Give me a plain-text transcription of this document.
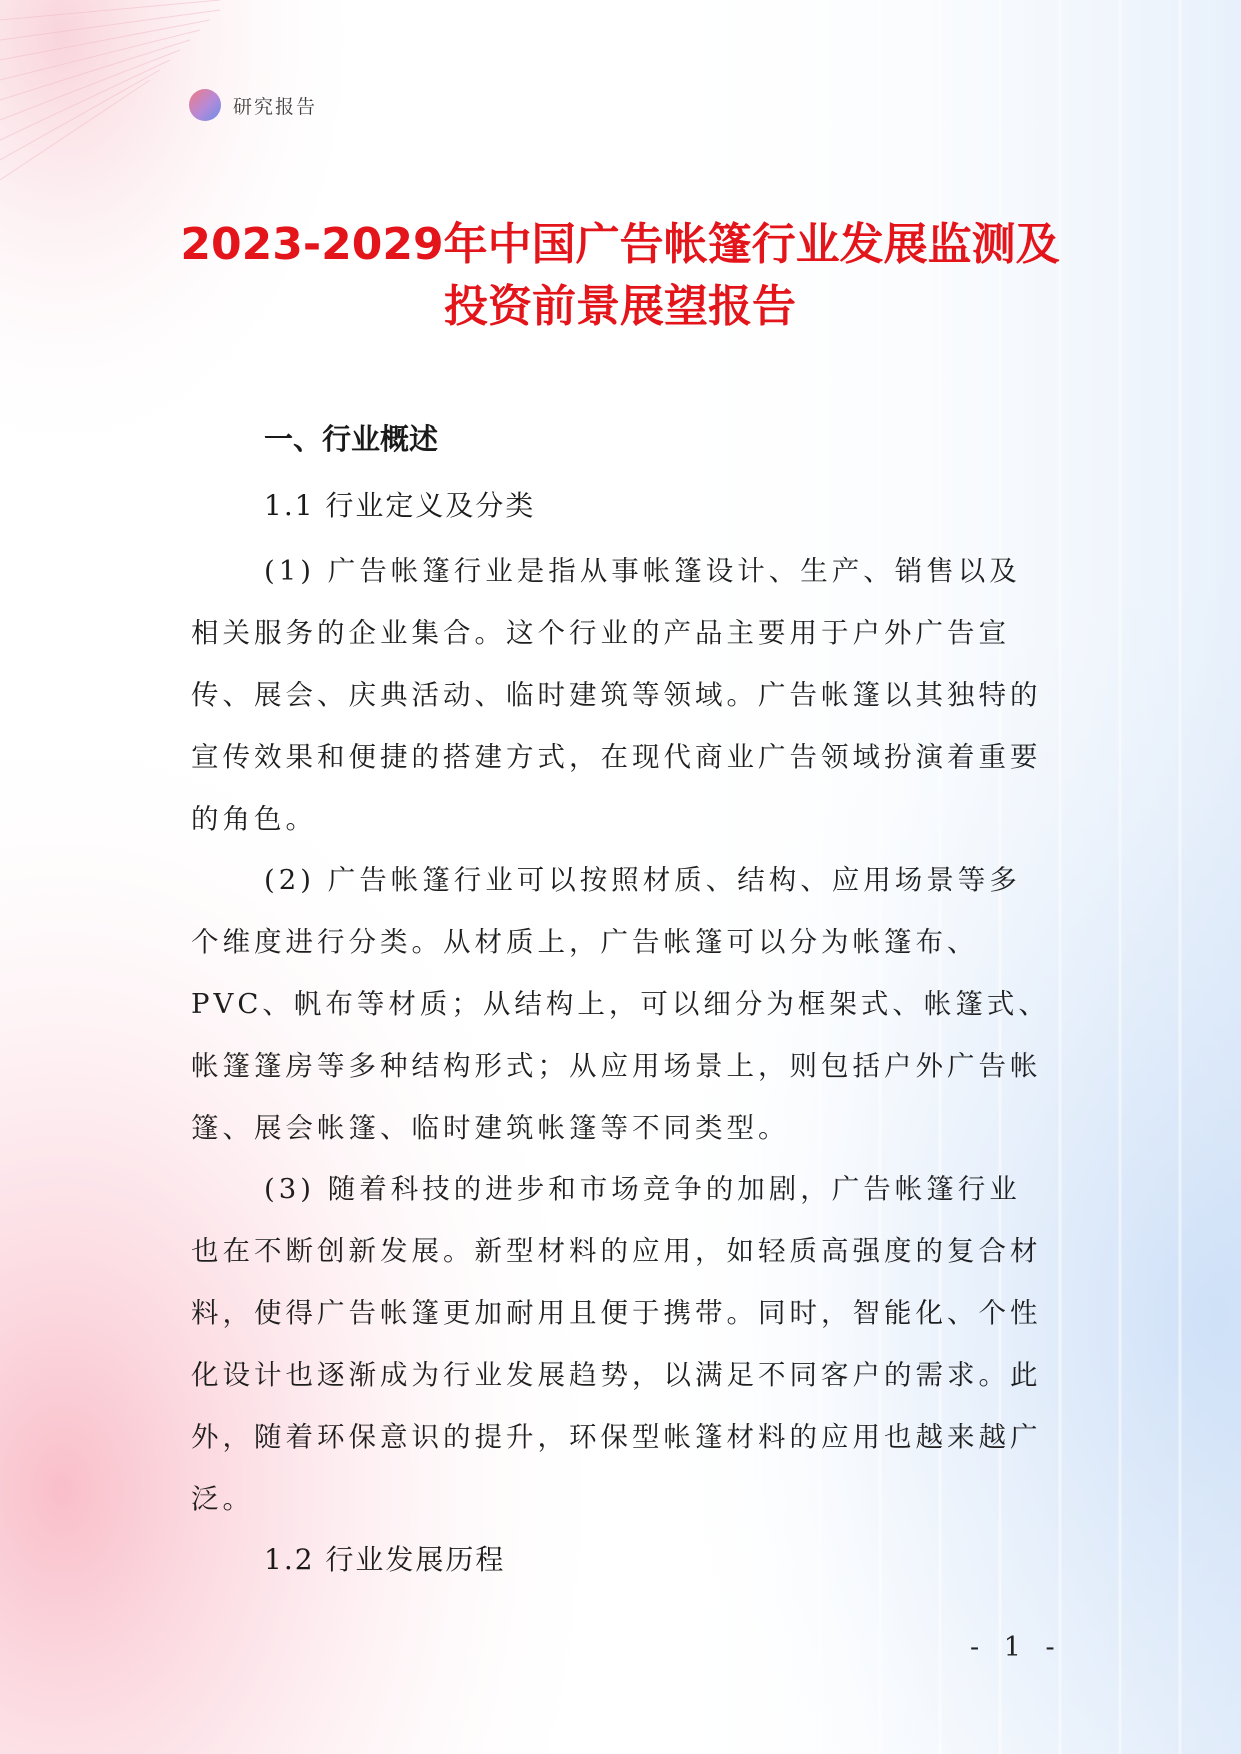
研究报告
2023-2029年中国广告帐篷行业发展监测及
投资前景展望报告
一、行业概述
1.1 行业定义及分类

(1) 广告帐篷行业是指从事帐篷设计、生产、销售以及相关服务的企业集合。这个行业的产品主要用于户外广告宣传、展会、庆典活动、临时建筑等领域。广告帐篷以其独特的宣传效果和便捷的搭建方式，在现代商业广告领域扮演着重要的角色。

(2) 广告帐篷行业可以按照材质、结构、应用场景等多个维度进行分类。从材质上，广告帐篷可以分为帐篷布、PVC、帆布等材质；从结构上，可以细分为框架式、帐篷式、帐篷篷房等多种结构形式；从应用场景上，则包括户外广告帐篷、展会帐篷、临时建筑帐篷等不同类型。

(3) 随着科技的进步和市场竞争的加剧，广告帐篷行业也在不断创新发展。新型材料的应用，如轻质高强度的复合材料，使得广告帐篷更加耐用且便于携带。同时，智能化、个性化设计也逐渐成为行业发展趋势，以满足不同客户的需求。此外，随着环保意识的提升，环保型帐篷材料的应用也越来越广泛。

1.2 行业发展历程
- 1 -
